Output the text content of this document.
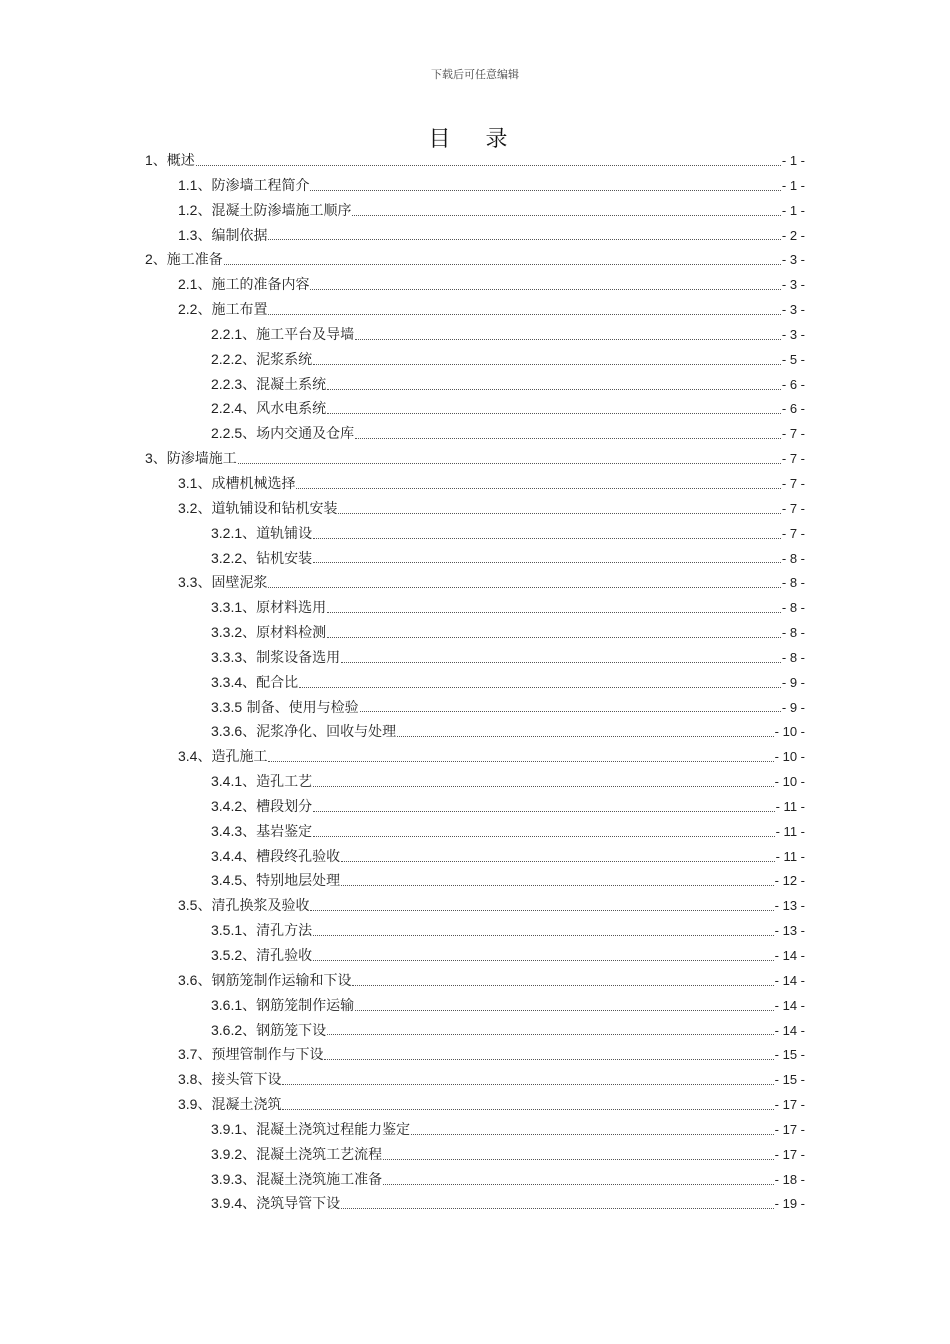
下载后可任意编辑
目 录
1、概述	- 1 -
1.1、防渗墙工程简介	- 1 -
1.2、混凝土防渗墙施工顺序	- 1 -
1.3、编制依据	- 2 -
2、施工准备	- 3 -
2.1、施工的准备内容	- 3 -
2.2、施工布置	- 3 -
2.2.1、施工平台及导墙	- 3 -
2.2.2、泥浆系统	- 5 -
2.2.3、混凝土系统	- 6 -
2.2.4、风水电系统	- 6 -
2.2.5、场内交通及仓库	- 7 -
3、防渗墙施工	- 7 -
3.1、成槽机械选择	- 7 -
3.2、道轨铺设和钻机安装	- 7 -
3.2.1、道轨铺设	- 7 -
3.2.2、钻机安装	- 8 -
3.3、固壁泥浆	- 8 -
3.3.1、原材料选用	- 8 -
3.3.2、原材料检测	- 8 -
3.3.3、制浆设备选用	- 8 -
3.3.4、配合比	- 9 -
3.3.5 制备、使用与检验	- 9 -
3.3.6、泥浆净化、回收与处理	- 10 -
3.4、造孔施工	- 10 -
3.4.1、造孔工艺	- 10 -
3.4.2、槽段划分	- 11 -
3.4.3、基岩鉴定	- 11 -
3.4.4、槽段终孔验收	- 11 -
3.4.5、特别地层处理	- 12 -
3.5、清孔换浆及验收	- 13 -
3.5.1、清孔方法	- 13 -
3.5.2、清孔验收	- 14 -
3.6、钢筋笼制作运输和下设	- 14 -
3.6.1、钢筋笼制作运输	- 14 -
3.6.2、钢筋笼下设	- 14 -
3.7、预埋管制作与下设	- 15 -
3.8、接头管下设	- 15 -
3.9、混凝土浇筑	- 17 -
3.9.1、混凝土浇筑过程能力鉴定	- 17 -
3.9.2、混凝土浇筑工艺流程	- 17 -
3.9.3、混凝土浇筑施工准备	- 18 -
3.9.4、浇筑导管下设	- 19 -
